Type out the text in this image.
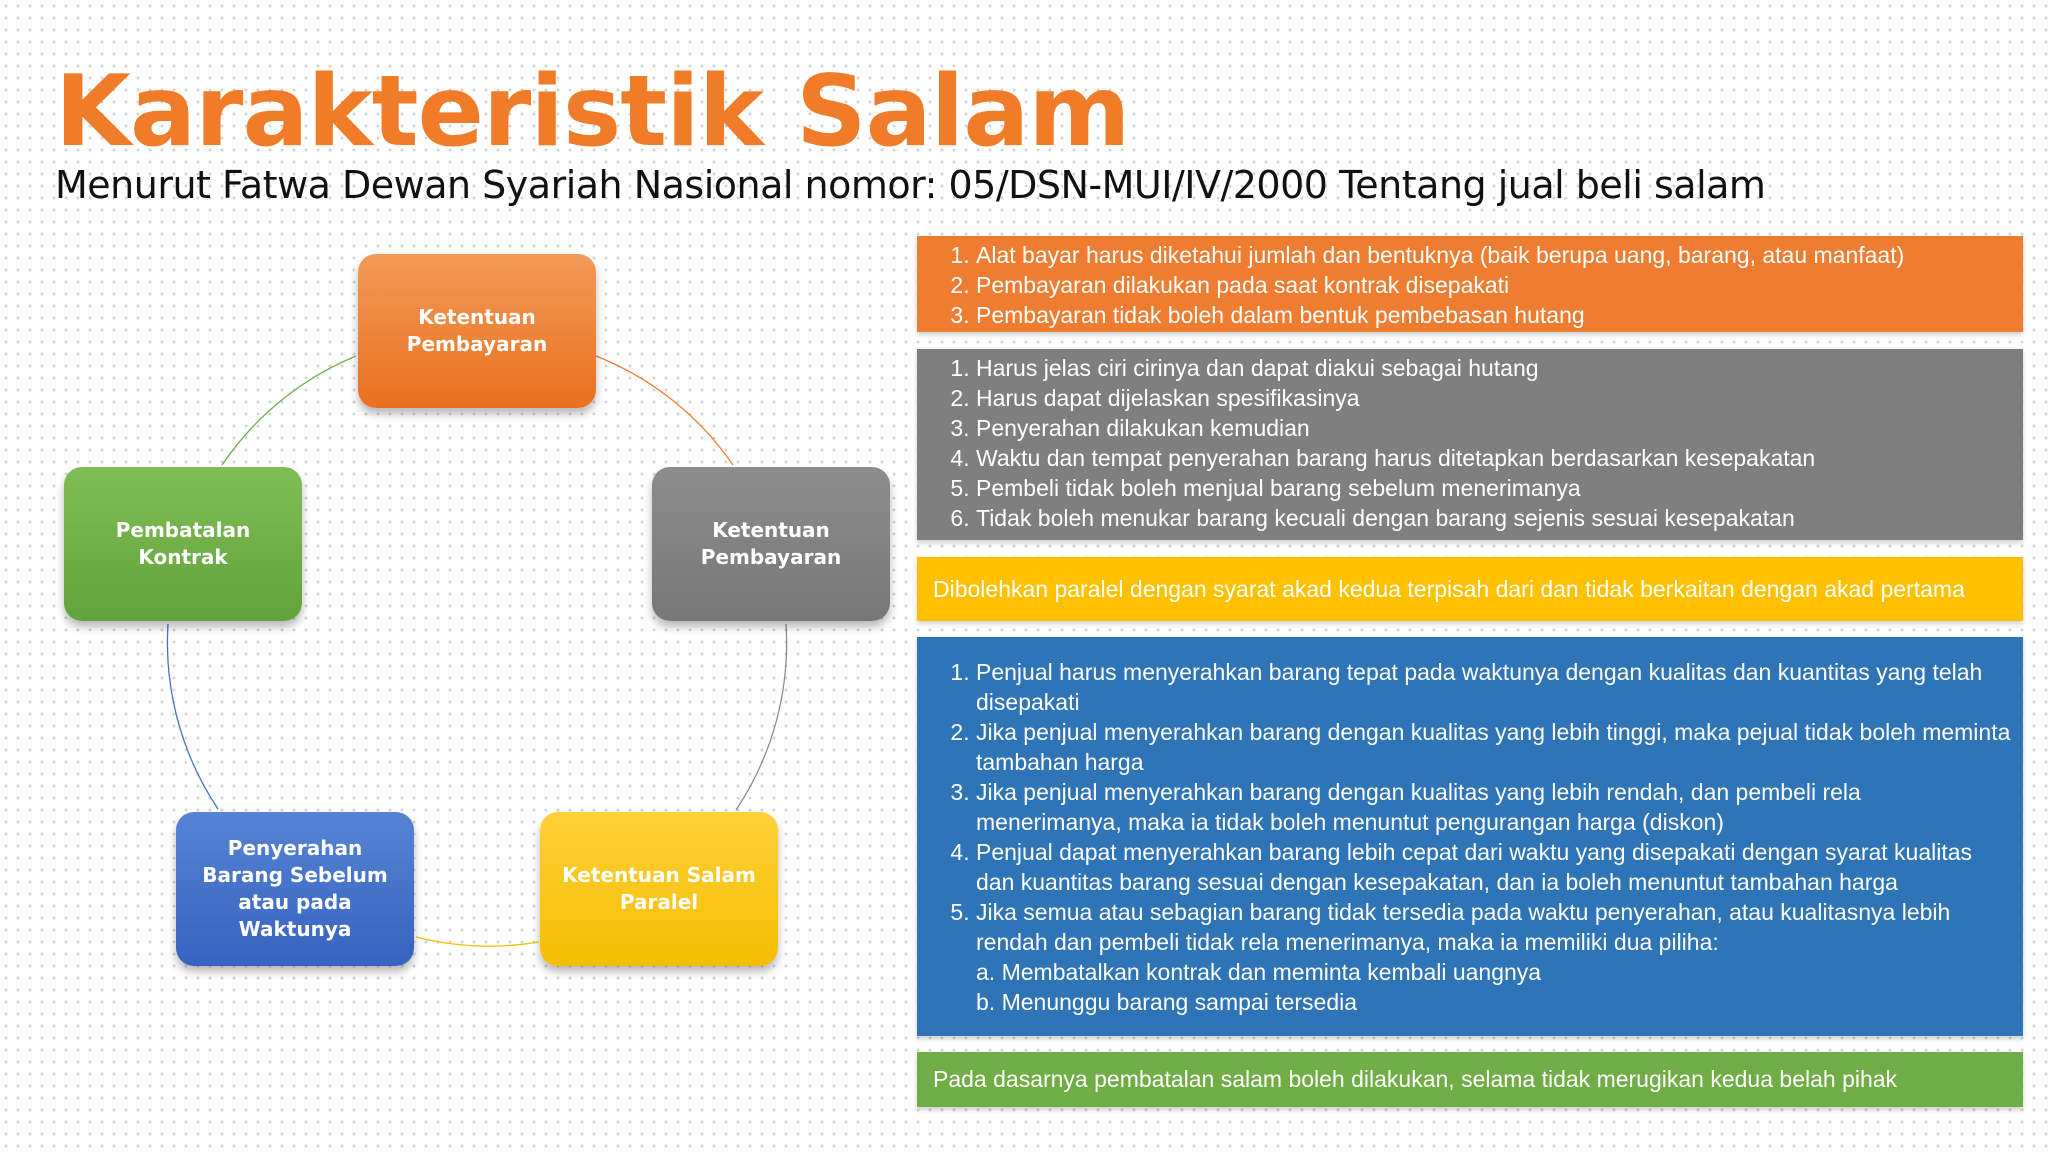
Karakteristik Salam

Menurut Fatwa Dewan Syariah Nasional nomor: 05/DSN-MUI/IV/2000 Tentang jual beli salam

Ketentuan Pembayaran
Ketentuan Pembayaran
Ketentuan Salam Paralel
Penyerahan Barang Sebelum atau pada Waktunya
Pembatalan Kontrak
1. Alat bayar harus diketahui jumlah dan bentuknya (baik berupa uang, barang, atau manfaat)
2. Pembayaran dilakukan pada saat kontrak disepakati
3. Pembayaran tidak boleh dalam bentuk pembebasan hutang
1. Harus jelas ciri cirinya dan dapat diakui sebagai hutang
2. Harus dapat dijelaskan spesifikasinya
3. Penyerahan dilakukan kemudian
4. Waktu dan tempat penyerahan barang harus ditetapkan berdasarkan kesepakatan
5. Pembeli tidak boleh menjual barang sebelum menerimanya
6. Tidak boleh menukar barang kecuali dengan barang sejenis sesuai kesepakatan

Dibolehkan paralel dengan syarat akad kedua terpisah dari dan tidak berkaitan dengan akad pertama

1. Penjual harus menyerahkan barang tepat pada waktunya dengan kualitas dan kuantitas yang telah disepakati
2. Jika penjual menyerahkan barang dengan kualitas yang lebih tinggi, maka pejual tidak boleh meminta tambahan harga
3. Jika penjual menyerahkan barang dengan kualitas yang lebih rendah, dan pembeli rela menerimanya, maka ia tidak boleh menuntut pengurangan harga (diskon)
4. Penjual dapat menyerahkan barang lebih cepat dari waktu yang disepakati dengan syarat kualitas dan kuantitas barang sesuai dengan kesepakatan, dan ia boleh menuntut tambahan harga
5. Jika semua atau sebagian barang tidak tersedia pada waktu penyerahan, atau kualitasnya lebih rendah dan pembeli tidak rela menerimanya, maka ia memiliki dua piliha:
a. Membatalkan kontrak dan meminta kembali uangnya
b. Menunggu barang sampai tersedia

Pada dasarnya pembatalan salam boleh dilakukan, selama tidak merugikan kedua belah pihak
